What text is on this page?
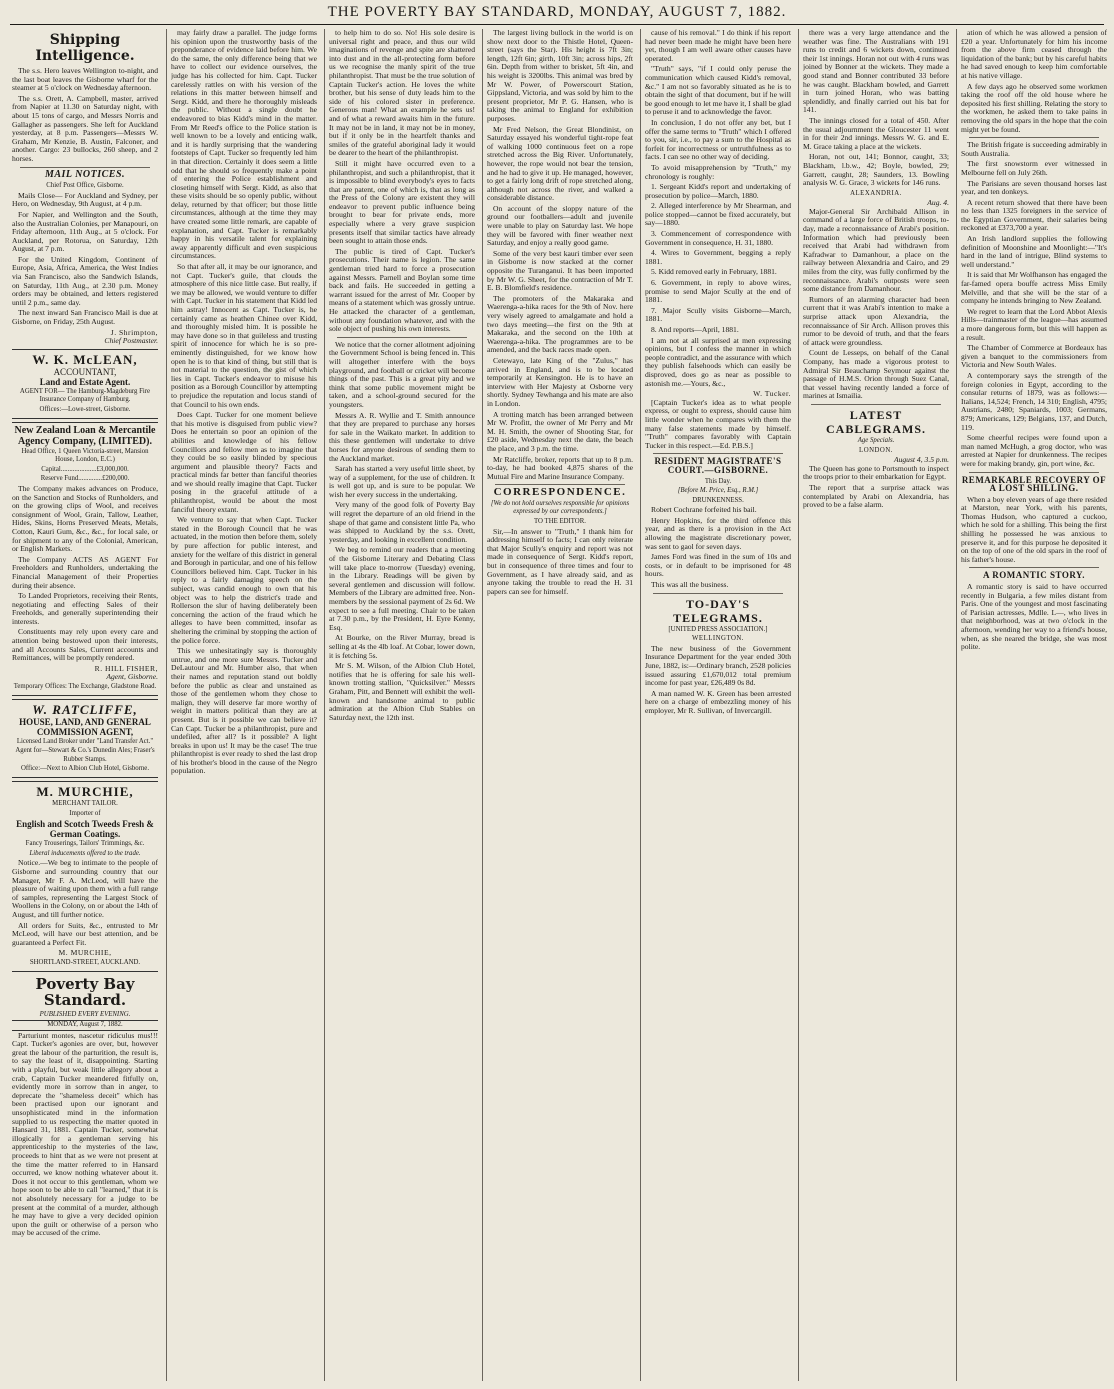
THE POVERTY BAY STANDARD, MONDAY, AUGUST 7, 1882.
Shipping Intelligence.

The s.s. Hero leaves Wellington to-night, and the last boat leaves the Gisborne wharf for the steamer at 5 o'clock on Wednesday afternoon.

The s.s. Orett, A. Campbell, master, arrived from Napier at 11.30 on Saturday night, with about 15 tons of cargo, and Messrs Norris and Gallagher as passengers. She left for Auckland yesterday, at 8 p.m. Passengers—Messrs W. Graham, Mr Kenzie, B. Austin, Falconer, and another. Cargo: 23 bullocks, 260 sheep, and 2 horses.

MAIL NOTICES.
Chief Post Office, Gisborne.

Mails Close— For Auckland and Sydney, per Hero, on Wednesday, 9th August, at 4 p.m.

For Napier, and Wellington and the South, also the Australian Colonies, per Manapouri, on Friday afternoon, 11th Aug., at 5 o'clock. For Auckland, per Rotorua, on Saturday, 12th August, at 7 p.m.

For the United Kingdom, Continent of Europe, Asia, Africa, America, the West Indies via San Francisco, also the Sandwich Islands, on Saturday, 11th Aug., at 2.30 p.m. Money orders may be obtained, and letters registered until 2 p.m., same day.

The next inward San Francisco Mail is due at Gisborne, on Friday, 25th August.

J. Shrimpton,
Chief Postmaster.
W. K. McLEAN,
ACCOUNTANT,
Land and Estate Agent.
AGENT FOR— The Hamburg-Magdeburg Fire Insurance Company of Hamburg.
Offices:—Lowe-street, Gisborne.
New Zealand Loan & Mercantile Agency Company, (LIMITED).
Head Office, 1 Queen Victoria-street, Mansion House, London, E.C.)
Capital.....................£3,000,000.
Reserve Fund..............£200,000.

The Company makes advances on Produce, on the Sanction and Stocks of Runholders, and on the growing clips of Wool, and receives consignment of Wool, Grain, Tallow, Leather, Hides, Skins, Horns Preserved Meats, Metals, Cotton, Kauri Gum, &c., &c., for local sale, or for shipment to any of the Colonial, American, or English Markets.

The Company ACTS AS AGENT For Freeholders and Runholders, undertaking the Financial Management of their Properties during their absence.

To Landed Proprietors, receiving their Rents, negotiating and effecting Sales of their Freeholds, and generally superintending their interests.

Constituents may rely upon every care and attention being bestowed upon their interests, and all Accounts Sales, Current accounts and Remittances, will be promptly rendered.

R. HILL FISHER,
Agent, Gisborne.
Temporary Offices: The Exchange, Gladstone Road.
W. RATCLIFFE,
HOUSE, LAND, AND GENERAL COMMISSION AGENT,
Licensed Land Broker under "Land Transfer Act."
Agent for—Stewart & Co.'s Dunedin Ales; Fraser's Rubber Stamps.
Office:—Next to Albion Club Hotel, Gisborne.
M. MURCHIE,
MERCHANT TAILOR.
Importer of
English and Scotch Tweeds Fresh & German Coatings.
Fancy Trouserings, Tailors' Trimmings, &c.
Liberal inducements offered to the trade.

Notice.—We beg to intimate to the people of Gisborne and surrounding country that our Manager, Mr F. A. McLeod, will have the pleasure of waiting upon them with a full range of samples, representing the Largest Stock of Woollens in the Colony, on or about the 14th of August, and till further notice.

All orders for Suits, &c., entrusted to Mr McLeod, will have our best attention, and be guaranteed a Perfect Fit.

M. MURCHIE,
SHORTLAND-STREET, AUCKLAND.
Poverty Bay Standard.
PUBLISHED EVERY EVENING.
MONDAY, August 7, 1882.

Parturiunt montes, nascetur ridiculus mus!!! Capt. Tucker's agonies are over, but, however great the labour of the parturition, the result is, to say the least of it, disappointing. Starting with a playful, but weak little allegory about a crab, Captain Tucker meandered fitfully on, evidently more in sorrow than in anger, to deprecate the "shameless deceit" which has been practised upon our ignorant and unsophisticated mind in the information supplied to us respecting the matter quoted in Hansard 31, 1881. Captain Tucker, somewhat illogically for a gentleman serving his apprenticeship to the mysteries of the law, proceeds to hint that as we were not present at the time the matter referred to in Hansard occurred, we know nothing whatever about it. Does it not occur to this gentleman, whom we hope soon to be able to call "learned," that it is not absolutely necessary for a judge to be present at the commital of a murder, although he may have to give a very decided opinion upon the guilt or otherwise of a person who may be accused of the crime.

may fairly draw a parallel. The judge forms his opinion upon the trustworthy basis of the preponderance of evidence laid before him. We do the same, the only difference being that we have to collect our evidence ourselves, the judge has his collected for him. Capt. Tucker carelessly rattles on with his version of the relations in this matter between himself and Sergt. Kidd, and there he thoroughly misleads the public. Without a single doubt he endeavored to bias Kidd's mind in the matter. From Mr Reed's office to the Police station is well known to be a lovely and enticing walk, and it is hardly surprising that the wandering footsteps of Capt. Tucker so frequently led him in that direction. Certainly it does seem a little odd that he should so frequently make a point of entering the Police establishment and closeting himself with Sergt. Kidd, as also that these visits should be so openly public, without delay, returned by that officer; but those little circumstances, although at the time they may have created some little remark, are capable of explanation, and Capt. Tucker is remarkably happy in his versatile talent for explaining away apparently difficult and even suspicious circumstances.

So that after all, it may be our ignorance, and not Capt. Tucker's guile, that clouds the atmosphere of this nice little case. But really, if we may be allowed, we would venture to differ with Capt. Tucker in his statement that Kidd led him astray! Innocent as Capt. Tucker is, he certainly came as heathen Chinee over Kidd, and thoroughly misled him. It is possible he may have done so in that guileless and trusting spirit of innocence for which he is so pre-eminently distinguished, for we know how open he is to that kind of thing, but still that is not material to the question, the gist of which lies in Capt. Tucker's endeavor to misuse his position as a Borough Councillor by attempting to prejudice the reputation and locus standi of that Council to his own ends.

Does Capt. Tucker for one moment believe that his motive is disguised from public view? Does he entertain so poor an opinion of the abilities and knowledge of his fellow Councillors and fellow men as to imagine that they could be so easily blinded by specious argument and plausible theory? Facts and practical minds far better than fanciful theories and we should really imagine that Capt. Tucker posing in the graceful attitude of a philanthropist, would be about the most fanciful theory extant.

We venture to say that when Capt. Tucker stated in the Borough Council that he was actuated, in the motion then before them, solely by pure affection for public interest, and anxiety for the welfare of this district in general and Borough in particular, and one of his fellow Councillors believed him. Capt. Tucker in his reply to a fairly damaging speech on the subject, was candid enough to own that his object was to help the district's trade and Rollerson the slur of having deliberately been concerning the action of the fraud which he alleges to have been committed, insofar as sheltering the criminal by stopping the action of the police force.

This we unhesitatingly say is thoroughly untrue, and one more sure Messrs. Tucker and DeLautour and Mr. Humber also, that when their names and reputation stand out boldly before the public as clear and unstained as those of the gentlemen whom they chose to malign, they will deserve far more worthy of weight in matters political than they are at present. But is it possible we can believe it? Can Capt. Tucker be a philanthropist, pure and undefiled, after all? Is it possible? A light breaks in upon us! It may be the case! The true philanthropist is ever ready to shed the last drop of his brother's blood in the cause of the Negro population.

to help him to do so. No! His sole desire is universal right and peace, and thus our wild imaginations of revenge and spite are shattered into dust and in the all-protecting form before us we recognise the manly spirit of the true philanthropist. That must be the true solution of Captain Tucker's action. He loves the white brother, but his sense of duty leads him to the side of his colored sister in preference. Generous man! What an example he sets us! and of what a reward awaits him in the future. It may not be in land, it may not be in money, but if it only be in the heartfelt thanks and smiles of the grateful aboriginal lady it would be dearer to the heart of the philanthropist.

Still it might have occurred even to a philanthropist, and such a philanthropist, that it is impossible to blind everybody's eyes to facts that are patent, one of which is, that as long as the Press of the Colony are existent they will endeavor to prevent public influence being brought to bear for private ends, more especially where a very grave suspicion presents itself that similar tactics have already been sought to attain those ends.

The public is tired of Capt. Tucker's prosecutions. Their name is legion. The same gentleman tried hard to force a prosecution against Messrs. Parnell and Boylan some time back and fails. He succeeded in getting a warrant issued for the arrest of Mr. Cooper by means of a statement which was grossly untrue. He attacked the character of a gentleman, without any foundation whatever, and with the sole object of pushing his own interests.

We notice that the corner allotment adjoining the Government School is being fenced in. This will altogether interfere with the boys playground, and football or cricket will become things of the past. This is a great pity and we think that some public movement might be taken, and a school-ground secured for the youngsters.

Messrs A. R. Wyllie and T. Smith announce that they are prepared to purchase any horses for sale in the Waikato market. In addition to this these gentlemen will undertake to drive horses for anyone desirous of sending them to the Auckland market.

Sarah has started a very useful little sheet, by way of a supplement, for the use of children. It is well got up, and is sure to be popular. We wish her every success in the undertaking.

Very many of the good folk of Poverty Bay will regret the departure of an old friend in the shape of that game and consistent little Pa, who was shipped to Auckland by the s.s. Orett, yesterday, and looking in excellent condition.

We beg to remind our readers that a meeting of the Gisborne Literary and Debating Class will take place to-morrow (Tuesday) evening, in the Library. Readings will be given by several gentlemen and discussion will follow. Members of the Library are admitted free. Non-members by the sessional payment of 2s 6d. We expect to see a full meeting. Chair to be taken at 7.30 p.m., by the President, H. Eyre Kenny, Esq.

At Bourke, on the River Murray, bread is selling at 4s the 4lb loaf. At Cobar, lower down, it is fetching 5s.

Mr S. M. Wilson, of the Albion Club Hotel, notifies that he is offering for sale his well-known trotting stallion, "Quicksilver." Messrs Graham, Pitt, and Bennett will exhibit the well-known and handsome animal to public admiration at the Albion Club Stables on Saturday next, the 12th inst.

The largest living bullock in the world is on show next door to the Thistle Hotel, Queen-street (says the Star). His height is 7ft 3in; length, 12ft 6in; girth, 10ft 3in; across hips, 2ft 6in. Depth from wither to brisket, 5ft 4in, and his weight is 3200lbs. This animal was bred by Mr W. Power, of Powerscourt Station, Gippsland, Victoria, and was sold by him to the present proprietor, Mr P. G. Hansen, who is taking the animal to England for exhibition purposes.

Mr Fred Nelson, the Great Blondinist, on Saturday essayed his wonderful tight-rope feat of walking 1000 continuous feet on a rope stretched across the Big River. Unfortunately, however, the rope would not bear the tension, and he had to give it up. He managed, however, to get a fairly long drift of rope stretched along, although not across the river, and walked a considerable distance.

On account of the sloppy nature of the ground our footballers—adult and juvenile were unable to play on Saturday last. We hope they will be favored with finer weather next Saturday, and enjoy a really good game.

Some of the very best kauri timber ever seen in Gisborne is now stacked at the corner opposite the Turanganui. It has been imported by Mr W. G. Sheet, for the contraction of Mr T. E. B. Blomfield's residence.

The promoters of the Makaraka and Waerenga-a-hika races for the 9th of Nov. here very wisely agreed to amalgamate and hold a two days meeting—the first on the 9th at Makaraka, and the second on the 10th at Waerenga-a-hika. The programmes are to be amended, and the back races made open.

Cetewayo, late King of the "Zulus," has arrived in England, and is to be located temporarily at Kensington. He is to have an interview with Her Majesty at Osborne very shortly. Sydney Tewhanga and his mate are also in London.

A trotting match has been arranged between Mr W. Profitt, the owner of Mr Perry and Mr M. H. Smith, the owner of Shooting Star, for £20 aside, Wednesday next the date, the beach the place, and 3 p.m. the time.

Mr Ratcliffe, broker, reports that up to 8 p.m. to-day, he had booked 4,875 shares of the Mutual Fire and Marine Insurance Company.

CORRESPONDENCE.
[We do not hold ourselves responsible for opinions expressed by our correspondents.]
TO THE EDITOR.

Sir,—In answer to "Truth," I thank him for addressing himself to facts; I can only reiterate that Major Scully's enquiry and report was not made in consequence of Sergt. Kidd's report, but in consequence of three times and four to Government, as I have already said, and as anyone taking the trouble to read the H. 31 papers can see for himself.

cause of his removal." I do think if his report had never been made he might have been here yet, though I am well aware other causes have operated.

"Truth" says, "if I could only peruse the communication which caused Kidd's removal, &c." I am not so favorably situated as he is to obtain the sight of that document, but if he will be good enough to let me have it, I shall be glad to peruse it and to acknowledge the favor.

In conclusion, I do not offer any bet, but I offer the same terms to "Truth" which I offered to you, sir, i.e., to pay a sum to the Hospital as forfeit for incorrectness or untruthfulness as to facts. I can see no other way of deciding.

To avoid misapprehension by "Truth," my chronology is roughly:

1. Sergeant Kidd's report and undertaking of prosecution by police—March, 1880.

2. Alleged interference by Mr Shearman, and police stopped—cannot be fixed accurately, but say—1880.

3. Commencement of correspondence with Government in consequence, H. 31, 1880.

4. Wires to Government, begging a reply 1881.

5. Kidd removed early in February, 1881.

6. Government, in reply to above wires, promise to send Major Scully at the end of 1881.

7. Major Scully visits Gisborne—March, 1881.

8. And reports—April, 1881.

I am not at all surprised at men expressing opinions, but I confess the manner in which people contradict, and the assurance with which they publish falsehoods which can easily be disproved, does go as near as possible to astonish me.—Yours, &c.,

W. Tucker.

[Captain Tucker's idea as to what people express, or ought to express, should cause him little wonder when he compares with them the many false statements made by himself. "Truth" compares favorably with Captain Tucker in this respect.—Ed. P.B.S.]

RESIDENT MAGISTRATE'S COURT.—GISBORNE.
This Day.
[Before M. Price, Esq., R.M.]
DRUNKENNESS.

Robert Cochrane forfeited his bail.

Henry Hopkins, for the third offence this year, and as there is a provision in the Act allowing the magistrate discretionary power, was sent to gaol for seven days.

James Ford was fined in the sum of 10s and costs, or in default to be imprisoned for 48 hours.

This was all the business.

TO-DAY'S TELEGRAMS.
[UNITED PRESS ASSOCIATION.]
WELLINGTON.

The new business of the Government Insurance Department for the year ended 30th June, 1882, is:—Ordinary branch, 2528 policies issued assuring £1,670,012 total premium income for past year, £26,489 0s 8d.

A man named W. K. Green has been arrested here on a charge of embezzling money of his employer, Mr R. Sullivan, of Invercargill.

there was a very large attendance and the weather was fine. The Australians with 191 runs to credit and 6 wickets down, continued their 1st innings. Horan not out with 4 runs was joined by Bonner at the wickets. They made a good stand and Bonner contributed 33 before he was caught. Blackham bowled, and Garrett in turn joined Horan, who was batting splendidly, and finally carried out his bat for 141.

The innings closed for a total of 450. After the usual adjournment the Gloucester 11 went in for their 2nd innings. Messrs W. G. and E. M. Grace taking a place at the wickets.

Horan, not out, 141; Bonnor, caught, 33; Blackham, l.b.w., 42; Boyle, bowled, 29; Garrett, caught, 28; Saunders, 13. Bowling analysis W. G. Grace, 3 wickets for 146 runs.

ALEXANDRIA.
Aug. 4.

Major-General Sir Archibald Allison in command of a large force of British troops, to-day, made a reconnaissance of Arabi's position. Information which had previously been received that Arabi had withdrawn from Kafradwar to Damanhour, a place on the railway between Alexandria and Cairo, and 29 miles from the city, was fully confirmed by the reconnaissance. Arabi's outposts were seen some distance from Damanhour.

Rumors of an alarming character had been current that it was Arabi's intention to make a surprise attack upon Alexandria, the reconnaissance of Sir Arch. Allison proves this rumor to be devoid of truth, and that the fears of attack were groundless.

Count de Lesseps, on behalf of the Canal Company, has made a vigorous protest to Admiral Sir Beauchamp Seymour against the passage of H.M.S. Orion through Suez Canal, that vessel having recently landed a force of marines at Ismailia.

LATEST CABLEGRAMS.
Age Specials.
LONDON.
August 4, 3.5 p.m.

The Queen has gone to Portsmouth to inspect the troops prior to their embarkation for Egypt.

The report that a surprise attack was contemplated by Arabi on Alexandria, has proved to be a false alarm.

ation of which he was allowed a pension of £20 a year. Unfortunately for him his income from the above firm ceased through the liquidation of the bank; but by his careful habits he had saved enough to keep him comfortable at his native village.

A few days ago he observed some workmen taking the roof off the old house where he deposited his first shilling. Relating the story to the workmen, he asked them to take pains in removing the old spars in the hope that the coin might yet be found.

The British frigate is succeeding admirably in South Australia.

The first snowstorm ever witnessed in Melbourne fell on July 26th.

The Parisians are seven thousand horses last year, and ten donkeys.

A recent return showed that there have been no less than 1325 foreigners in the service of the Egyptian Government, their salaries being reckoned at £373,700 a year.

An Irish landlord supplies the following definition of Moonshine and Moonlight:—"It's hard in the land of intrigue, Blind systems to well understand."

It is said that Mr Wolfhanson has engaged the far-famed opera bouffe actress Miss Emily Melville, and that she will be the star of a company he intends bringing to New Zealand.

We regret to learn that the Lord Abbot Alexis Hills—trainmaster of the league—has assumed a more dangerous form, but this will happen as a result.

The Chamber of Commerce at Bordeaux has given a banquet to the commissioners from Victoria and New South Wales.

A contemporary says the strength of the foreign colonies in Egypt, according to the consular returns of 1879, was as follows:—Italians, 14,524; French, 14 310; English, 4795; Austrians, 2480; Spaniards, 1003; Germans, 879; Americans, 129; Belgians, 137, and Dutch, 119.

Some cheerful recipes were found upon a man named McHugh, a grog doctor, who was arrested at Napier for drunkenness. The recipes were for making brandy, gin, port wine, &c.

REMARKABLE RECOVERY OF A LOST SHILLING.

When a boy eleven years of age there resided at Marston, near York, with his parents, Thomas Hudson, who captured a cuckoo, which he sold for a shilling. This being the first shilling he possessed he was anxious to preserve it, and for this purpose he deposited it on the top of one of the old spars in the roof of his father's house.

A ROMANTIC STORY.

A romantic story is said to have occurred recently in Bulgaria, a few miles distant from Paris. One of the youngest and most fascinating of Parisian actresses, Mdlle. L—, who lives in that neighborhood, was at two o'clock in the afternoon, wending her way to a friend's house, when, as she neared the bridge, she was most polite.
